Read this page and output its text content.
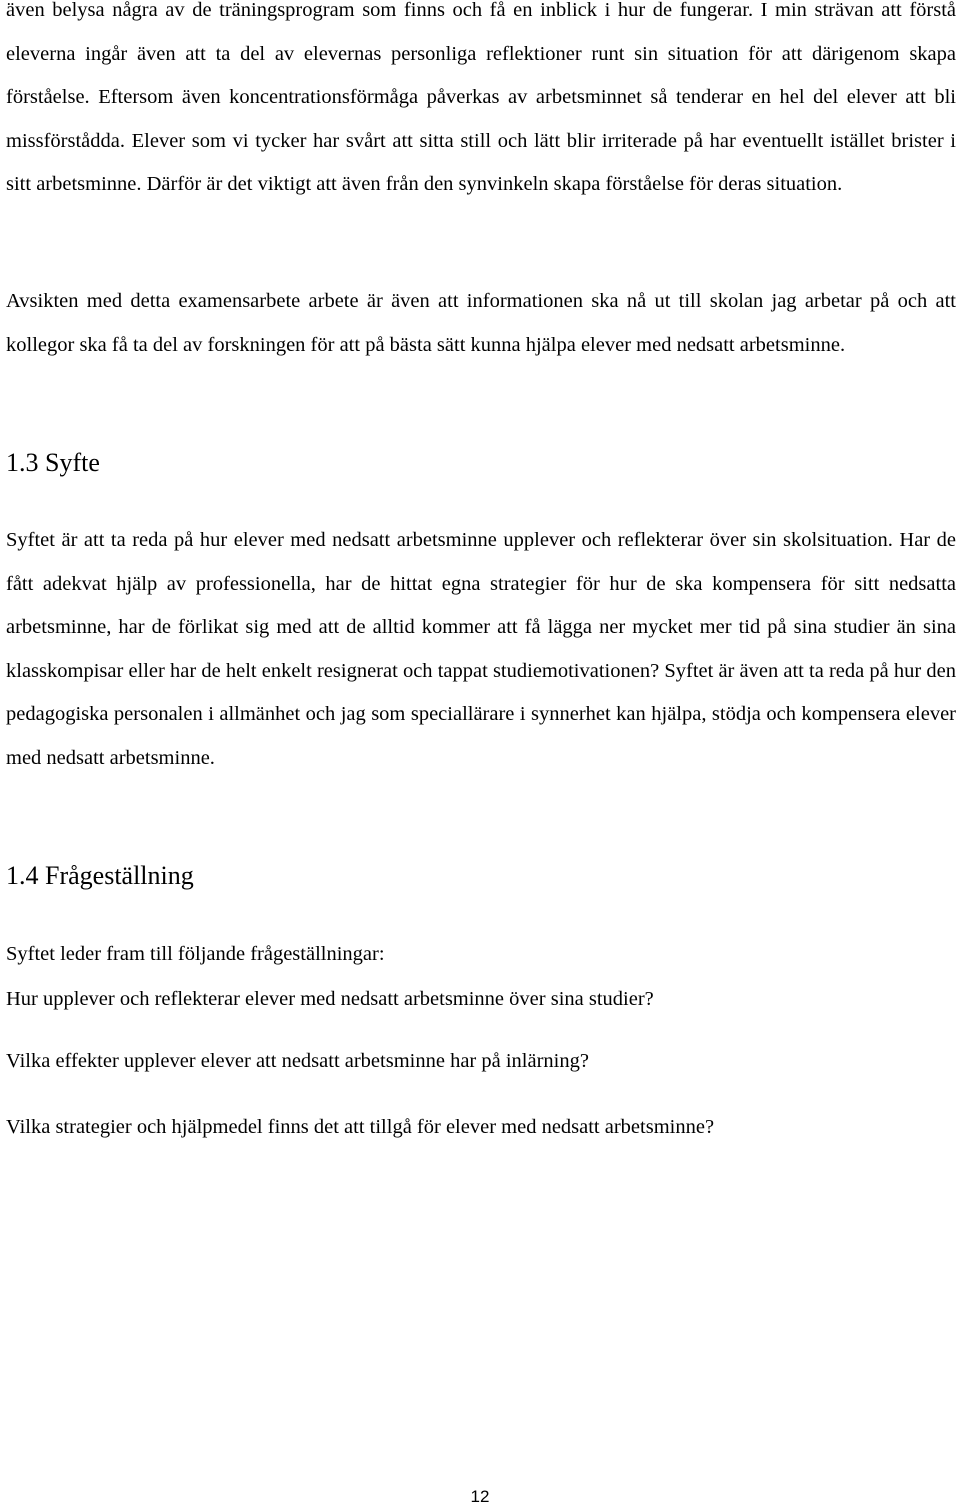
även belysa några av de träningsprogram som finns och få en inblick i hur de fungerar. I min strävan att förstå eleverna ingår även att ta del av elevernas personliga reflektioner runt sin situation för att därigenom skapa förståelse. Eftersom även koncentrationsförmåga påverkas av arbetsminnet så tenderar en hel del elever att bli missförstådda. Elever som vi tycker har svårt att sitta still och lätt blir irriterade på har eventuellt istället brister i sitt arbetsminne. Därför är det viktigt att även från den synvinkeln skapa förståelse för deras situation.

Avsikten med detta examensarbete arbete är även att informationen ska nå ut till skolan jag arbetar på och att kollegor ska få ta del av forskningen för att på bästa sätt kunna hjälpa elever med nedsatt arbetsminne.

1.3 Syfte

Syftet är att ta reda på hur elever med nedsatt arbetsminne upplever och reflekterar över sin skolsituation. Har de fått adekvat hjälp av professionella, har de hittat egna strategier för hur de ska kompensera för sitt nedsatta arbetsminne, har de förlikat sig med att de alltid kommer att få lägga ner mycket mer tid på sina studier än sina klasskompisar eller har de helt enkelt resignerat och tappat studiemotivationen? Syftet är även att ta reda på hur den pedagogiska personalen i allmänhet och jag som speciallärare i synnerhet kan hjälpa, stödja och kompensera elever med nedsatt arbetsminne.

1.4 Frågeställning

Syftet leder fram till följande frågeställningar:

Hur upplever och reflekterar elever med nedsatt arbetsminne över sina studier?

Vilka effekter upplever elever att nedsatt arbetsminne har på inlärning?

Vilka strategier och hjälpmedel finns det att tillgå för elever med nedsatt arbetsminne?

12
